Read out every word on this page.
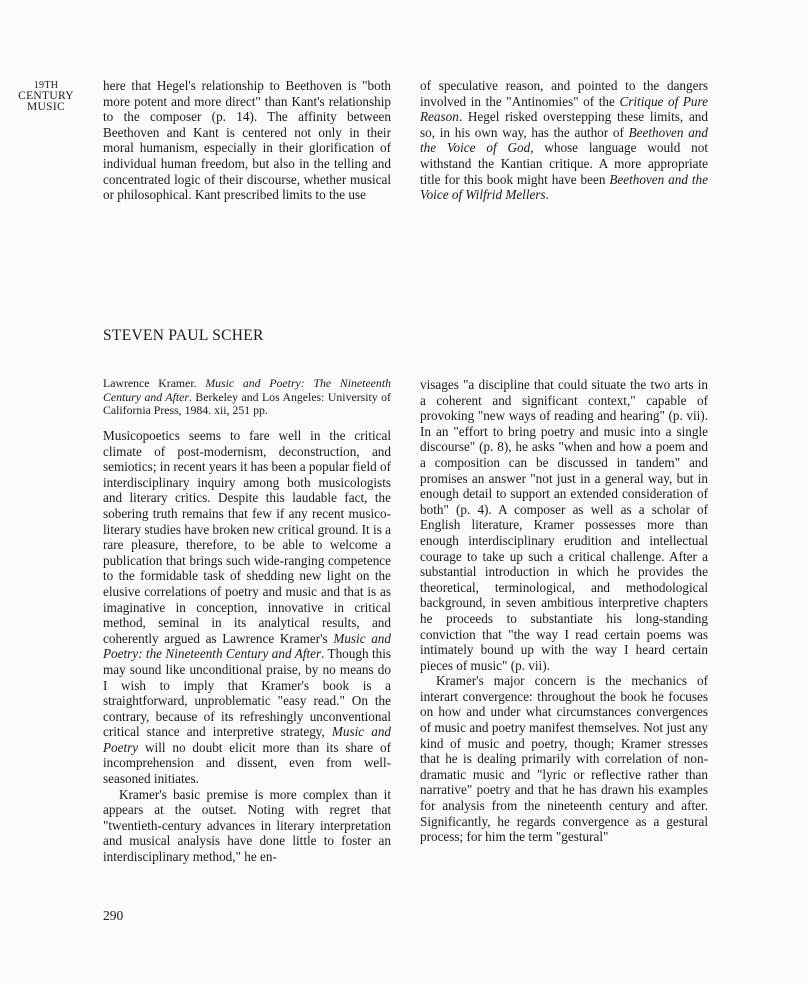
19TH
CENTURY
MUSIC

here that Hegel's relationship to Beethoven is "both more potent and more direct" than Kant's relationship to the composer (p. 14). The affinity between Beethoven and Kant is centered not only in their moral humanism, especially in their glorification of individual human freedom, but also in the telling and concentrated logic of their discourse, whether musical or philosophical. Kant prescribed limits to the use

of speculative reason, and pointed to the dangers involved in the "Antinomies" of the Critique of Pure Reason. Hegel risked overstepping these limits, and so, in his own way, has the author of Beethoven and the Voice of God, whose language would not withstand the Kantian critique. A more appropriate title for this book might have been Beethoven and the Voice of Wilfrid Mellers.

STEVEN PAUL SCHER
Lawrence Kramer. Music and Poetry: The Nineteenth Century and After. Berkeley and Los Angeles: University of California Press, 1984. xii, 251 pp.

Musicopoetics seems to fare well in the critical climate of post-modernism, deconstruction, and semiotics; in recent years it has been a popular field of interdisciplinary inquiry among both musicologists and literary critics. Despite this laudable fact, the sobering truth remains that few if any recent musico-literary studies have broken new critical ground. It is a rare pleasure, therefore, to be able to welcome a publication that brings such wide-ranging competence to the formidable task of shedding new light on the elusive correlations of poetry and music and that is as imaginative in conception, innovative in critical method, seminal in its analytical results, and coherently argued as Lawrence Kramer's Music and Poetry: the Nineteenth Century and After. Though this may sound like unconditional praise, by no means do I wish to imply that Kramer's book is a straightforward, unproblematic "easy read." On the contrary, because of its refreshingly unconventional critical stance and interpretive strategy, Music and Poetry will no doubt elicit more than its share of incomprehension and dissent, even from well-seasoned initiates.

Kramer's basic premise is more complex than it appears at the outset. Noting with regret that "twentieth-century advances in literary interpretation and musical analysis have done little to foster an interdisciplinary method," he en-

visages "a discipline that could situate the two arts in a coherent and significant context," capable of provoking "new ways of reading and hearing" (p. vii). In an "effort to bring poetry and music into a single discourse" (p. 8), he asks "when and how a poem and a composition can be discussed in tandem" and promises an answer "not just in a general way, but in enough detail to support an extended consideration of both" (p. 4). A composer as well as a scholar of English literature, Kramer possesses more than enough interdisciplinary erudition and intellectual courage to take up such a critical challenge. After a substantial introduction in which he provides the theoretical, terminological, and methodological background, in seven ambitious interpretive chapters he proceeds to substantiate his long-standing conviction that "the way I read certain poems was intimately bound up with the way I heard certain pieces of music" (p. vii).

Kramer's major concern is the mechanics of interart convergence: throughout the book he focuses on how and under what circumstances convergences of music and poetry manifest themselves. Not just any kind of music and poetry, though; Kramer stresses that he is dealing primarily with correlation of non-dramatic music and "lyric or reflective rather than narrative" poetry and that he has drawn his examples for analysis from the nineteenth century and after. Significantly, he regards convergence as a gestural process; for him the term "gestural"

290
